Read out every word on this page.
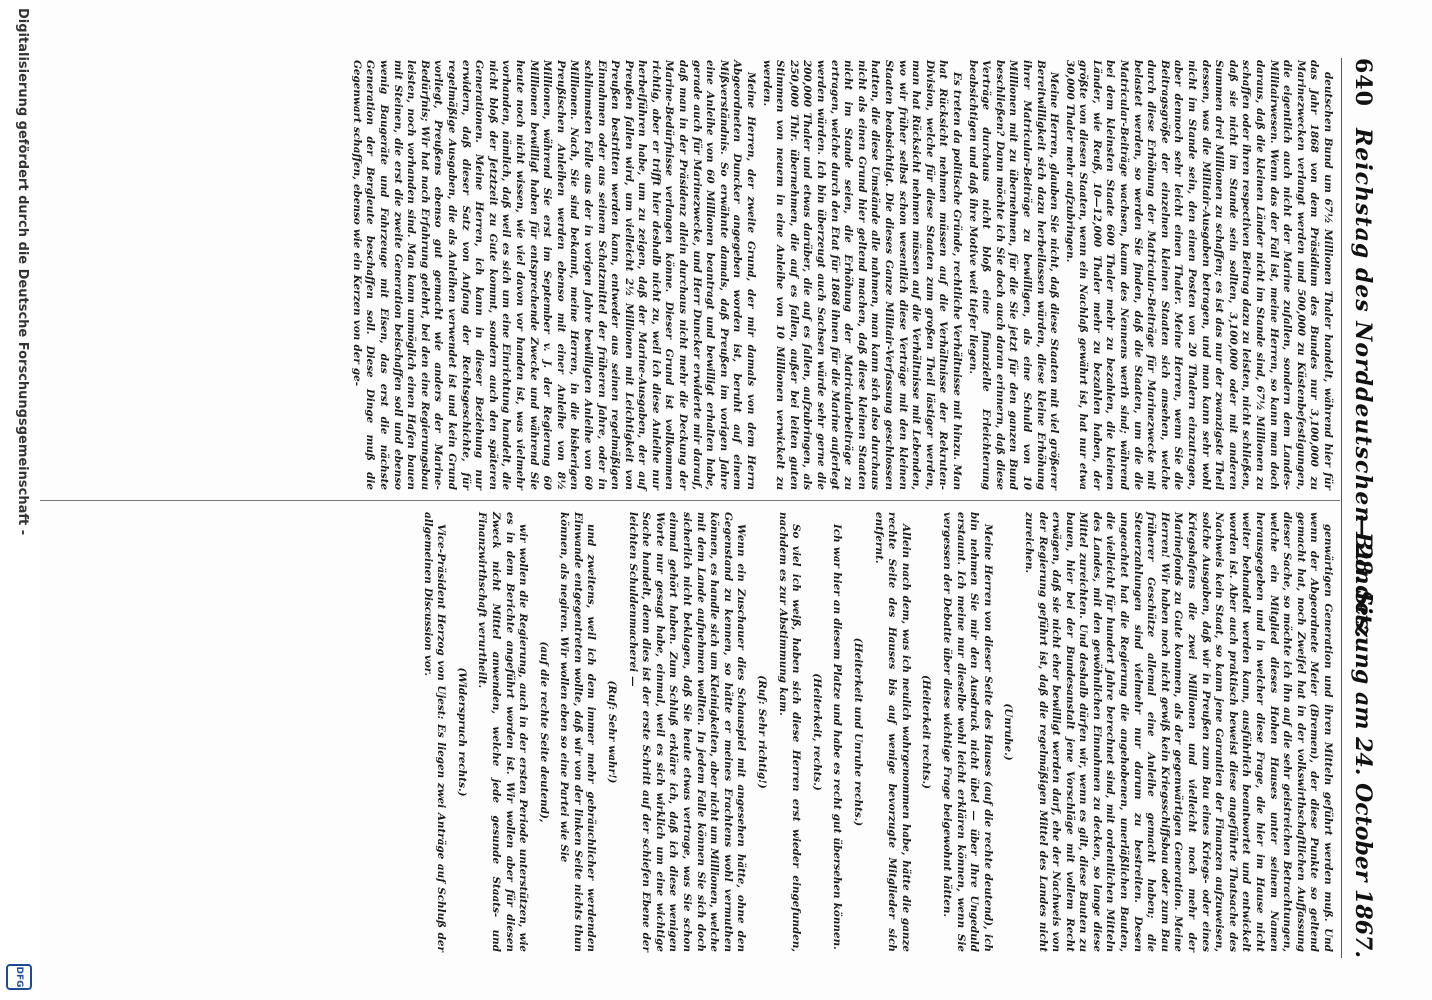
640
Reichstag des Norddeutschen Bundes.
— 28. Sitzung am 24. October 1867.

deutschen Bund um 67½ Millionen Thaler handelt, während hier für das Jahr 1868 von dem Präsidium des Bundes nur 3,100,000 zu Marinezwecken verlangt werden und 500,000 zu Küstenbefestigungen, die eigentlich auch nicht der Marine zufallen, sondern dem Landes-Militairwesen. Wenn das der Fall ist, meine Herren, so kann man doch daraus, daß die kleinen Länder nicht im Stande sind, 67½ Millionen zu schaffen oder ihren respectiven Beitrag dazu zu leisten, nicht schließen, daß sie nicht im Stande sein sollten, 3,100,000 oder mit anderen Summen drei Millionen zu schaffen; es ist das nur der zwanzigste Theil dessen, was die Militair-Ausgaben betragen, und man kann sehr wohl nicht im Stande sein, den einen Posten von 20 Thalern einzutragen, aber dennoch sehr leicht einen Thaler. Meine Herren, wenn Sie die Beitragsgröße der einzelnen kleinen Staaten sich ansehen, welche durch diese Erhöhung der Matricular-Beiträge für Marinezwecke mit belastet werden, so werden Sie finden, daß die Staaten, um die die Matricular-Beiträge wachsen, kaum des Nennens werth sind; während bei dem kleinsten Staate 600 Thaler mehr zu bezahlen, die kleinen Länder, wie Reuß, 10—12,000 Thaler mehr zu bezahlen haben, der größte von diesen Staaten, wenn ein Nachlaß gewährt ist, hat nur etwa 30,000 Thaler mehr aufzubringen.

Meine Herren, glauben Sie nicht, daß diese Staaten mit viel größerer Bereitwilligkeit sich dazu herbeilassen würden, diese kleine Erhöhung ihrer Matricular-Beiträge zu bewilligen, als eine Schuld von 10 Millionen mit zu übernehmen, für die Sie jetzt für den ganzen Bund beschließen? Dann möchte ich Sie doch auch daran erinnern, daß diese Verträge durchaus nicht bloß eine finanzielle Erleichterung beabsichtigen und daß ihre Motive weit tiefer liegen.

Es treten da politische Gründe, rechtliche Verhältnisse mit hinzu. Man hat Rücksicht nehmen müssen auf die Verhältnisse der Rekruten-Division, welche für diese Staaten zum großen Theil lästiger werden, man hat Rücksicht nehmen müssen auf die Verhältnisse mit Lebenden, wo wir früher selbst schon wesentlich diese Verträge mit den kleinen Staaten beabsichtigt. Die dieses Ganze Militair-Verfassung geschlossen hatten, die diese Umstände alle nahmen, man kann sich also durchaus nicht als einen Grund hier geltend machen, daß diese kleinen Staaten nicht im Stande seien, die Erhöhung der Matricularbeiträge zu ertragen, welche durch den Etat für 1868 ihnen für die Marine auferlegt werden würden. Ich bin überzeugt auch Sachsen würde sehr gerne die 200,000 Thaler und etwas darüber, die auf es fallen, aufzubringen, als 250,000 Thlr. übernehmen, die auf es fallen, außer bei leiten guten Stimmen von neuem in eine Anleihe von 10 Millionen verwickelt zu werden.

Meine Herren, der zweite Grund, der mir damals von dem Herrn Abgeordneten Duncker angegeben worden ist, beruht auf einem Mißverständnis. So erwähnte damals, daß Preußen im vorigen Jahre eine Anleihe von 60 Millionen beantragt und bewilligt erhalten habe, gerade auch für Marinezwecke, und Herr Duncker erwiderte mir darauf, daß man in der Präsidenz allein durchaus nicht mehr die Deckung der Marine-Bedürfnisse verlangen könne. Dieser Grund ist vollkommen richtig, aber er trifft hier deshalb nicht zu, weil ich diese Anleihe nur herbeiführen habe, um zu zeigen, daß der Marine-Ausgaben, der auf Preußen fallen wird, um vielleicht 2½ Millionen mit Leichtigkeit von Preußen bestritten werden kann, entweder aus seinen regelmäßigen Einnahmen oder aus seinem Schatzmittel der früheren Jahre, oder in schlimmsten Falle aus der in vorigen Jahre bewilligten Anleihe von 60 Millionen. Nach, Sie sind bekannt, meine Herren, in die bisherigen Preußischen Anleihen werden ebenso mit einer Anleihe von 8½ Millionen, während Sie erst im September v. J. der Regierung 60 Millionen bewilligt haben für entsprechende Zwecke und während Sie heute noch nicht wissen, wie viel davon vor handen ist, was vielmehr vorhanden, nämlich, daß weil es sich um eine Einrichtung handelt, die nicht bloß der Jetztzeit zu Gute kommt, sondern auch den späteren Generationen. Meine Herren, ich kann in dieser Beziehung nur erwidern, daß dieser Satz von Anfang der Rechtsgeschichte, für regelmäßige Ausgaben, die als Anleihen verwendet ist und kein Grund vorliegt, Preußens ebenso gut gemacht wie anders der Marine-Bedürfnis; Wir hat nach Erfahrung gelehrt, bei den eine Regierungsbau leisten, noch vorhanden sind. Man kann unmöglich einen Hafen bauen mit Steinen, die erst die zweite Generation beischaffen soll und ebenso wenig Baugeräte und Fahrzeuge mit Eisen, das erst die nächste Generation der Bergleute beschaffen soll. Diese Dinge muß die Gegenwart schaffen, ebenso wie ein Kerzen von der ge-

genwärtigen Generation und ihren Mitteln geführt werden muß. Und wenn der Abgeordnete Meier (Bremen), der diese Punkte so geltend gemacht hat, noch Zweifel hat in der volkswirthschaftlichen Auffassung dieser Sache, so möchte ich ihn auf die sehr geistreichen Betrachtungen, welche ein Mitglied dieses Hohen Hauses unter seinem Namen herausgegeben und in welcher diese Frage, die hier im Hause nicht weiter behandelt werden kann, ausführlich beantwortet und entwickelt worden ist. Aber auch praktisch beweist diese angeführte Thatsache des Nachweis kein Staat, so kann jene Garantien der Finanzen aufzuweisen, solche Ausgaben, daß wir in Preußen zum Bau eines Kriegs- oder eines Kriegshafens die zwei Millionen und vielleicht noch mehr der Marinefonds zu Gute kommen, als der gegenwärtigen Generation. Meine Herren! Wir haben noch nicht gewiß kein Kriegsschiffsbau oder zum Bau früherer Geschütze allemal eine Anleihe gemacht haben; die Steuerzahlungen sind vielmehr nur darum zu bestreiten. Desen ungeachtet hat die Regierung die angehobenen, unerläßlichen Bauten, die vielleicht für hundert Jahre berechnet sind, mit ordentlichen Mitteln des Landes, mit den gewöhnlichen Einnahmen zu decken, so lange diese Mittel zureichten. Und deshalb dürfen wir, wenn es gilt, diese Bauten zu bauen, hier bei der Bundesanstalt jene Vorschläge mit vollem Recht erwägen, daß sie nicht eher bewilligt werden darf, ehe der Nachweis von der Regierung geführt ist, daß die regelmäßigen Mittel des Landes nicht zureichen.

(Unruhe.)

Meine Herren von dieser Seite des Hauses (auf die rechte deutend), ich bin nehmen Sie mir den Ausdruck nicht übel — über Ihre Ungeduld erstaunt. Ich meine nur dieselbe wohl leicht erklären können, wenn Sie vergessen der Debatte über diese wichtige Frage beigewohnt hätten.

(Heiterkeit rechts.)

Allein nach dem, was ich neulich wahrgenommen habe, hätte die ganze rechte Seite des Hauses bis auf wenige bevorzugte Mitglieder sich entfernt.

(Heiterkeit und Unruhe rechts.)

Ich war hier an diesem Platze und habe es recht gut übersehen können.

(Heiterkeit, rechts.)

So viel ich weiß, haben sich diese Herren erst wieder eingefunden, nachdem es zur Abstimmung kam.

(Ruf: Sehr richtig!)

Wenn ein Zuschauer dies Schauspiel mit angesehen hätte, ohne den Gegenstand zu kennen, so hätte er meines Erachtens wohl vermuthen können, es handle sich um Kleinigkeiten, aber nicht um Millionen, welche mit dem Lande aufnehmen wollten. In jedem Falle können Sie sich doch sicherlich nicht beklagen, daß Sie heute etwas vertrage, was Sie schon einmal gehört haben. Zum Schluß erkläre ich, daß ich diese wenigen Worte nur gesagt habe, einmal, weil es sich wirklich um eine wichtige Sache handelt, denn dies ist der erste Schritt auf der schiefen Ebene der leichten Schuldenmacherei —

(Ruf: Sehr wahr!)

und zweitens, weil ich dem immer mehr gebräuchlicher werdenden Einwande entgegentreten wollte, daß wir von der linken Seite nichts thun können, als negiren. Wir wollen eben so eine Partei wie Sie

(auf die rechte Seite deutend),

wir wollen die Regierung, auch in der ersten Periode unterstützen, wie es in dem Berichte angeführt worden ist. Wir wollen aber für diesen Zweck nicht Mittel anwenden, welche jede gesunde Staats- und Finanzwirthschaft verurtheilt.

(Widerspruch rechts.)

Vice-Präsident Herzog von Ujest: Es liegen zwei Anträge auf Schluß der allgemeinen Discussion vor.

Digitalisierung gefördert durch die Deutsche Forschungsgemeinschaft -
DFG
